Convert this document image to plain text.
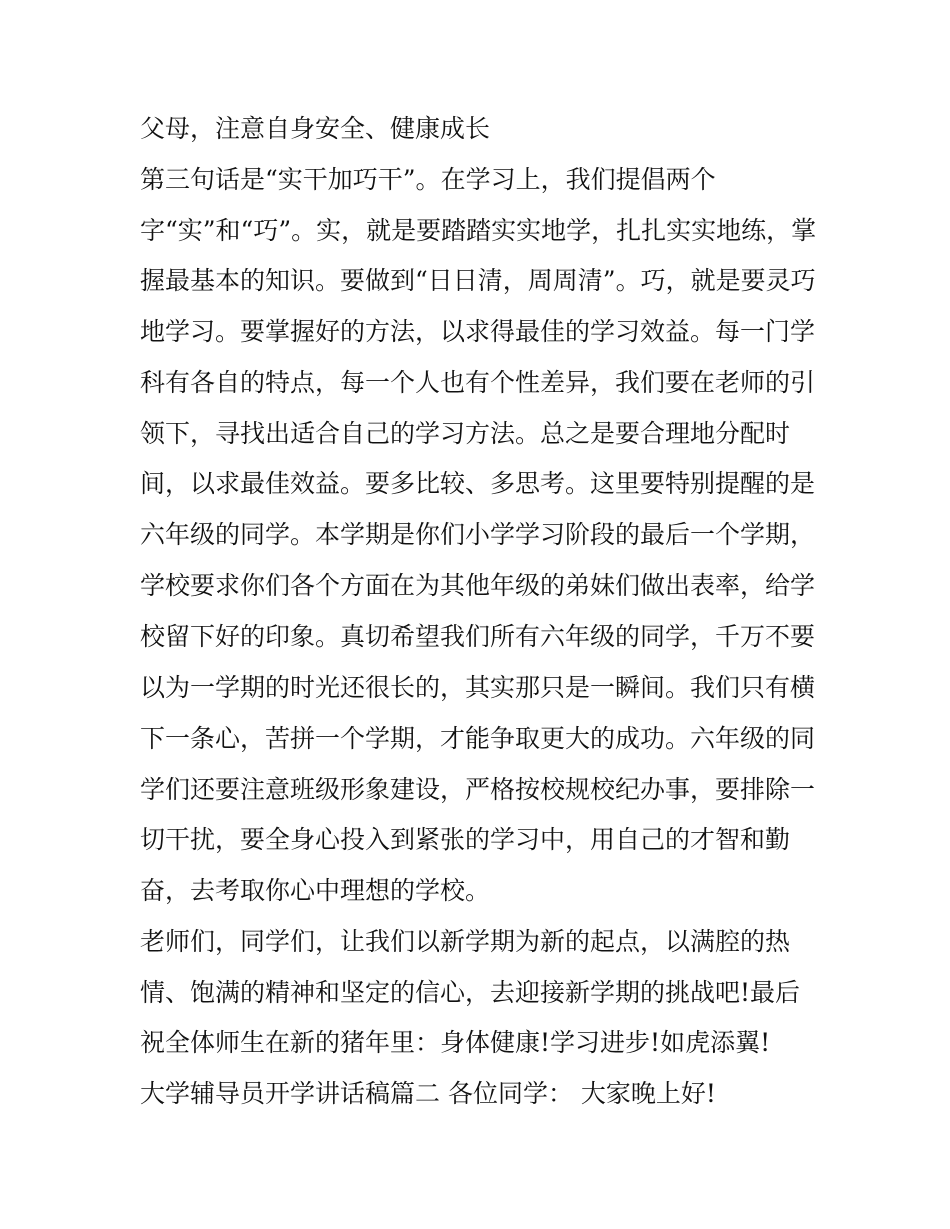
父母，注意自身安全、健康成长
第三句话是“实干加巧干”。在学习上，我们提倡两个
字“实”和“巧”。实，就是要踏踏实实地学，扎扎实实地练，掌
握最基本的知识。要做到“日日清，周周清”。巧，就是要灵巧
地学习。要掌握好的方法，以求得最佳的学习效益。每一门学
科有各自的特点，每一个人也有个性差异，我们要在老师的引
领下，寻找出适合自己的学习方法。总之是要合理地分配时
间，以求最佳效益。要多比较、多思考。这里要特别提醒的是
六年级的同学。本学期是你们小学学习阶段的最后一个学期，
学校要求你们各个方面在为其他年级的弟妹们做出表率，给学
校留下好的印象。真切希望我们所有六年级的同学，千万不要
以为一学期的时光还很长的，其实那只是一瞬间。我们只有横
下一条心，苦拼一个学期，才能争取更大的成功。六年级的同
学们还要注意班级形象建设，严格按校规校纪办事，要排除一
切干扰，要全身心投入到紧张的学习中，用自己的才智和勤
奋，去考取你心中理想的学校。
老师们，同学们，让我们以新学期为新的起点，以满腔的热
情、饱满的精神和坚定的信心，去迎接新学期的挑战吧!最后
祝全体师生在新的猪年里：身体健康!学习进步!如虎添翼!
大学辅导员开学讲话稿篇二 各位同学： 大家晚上好!
